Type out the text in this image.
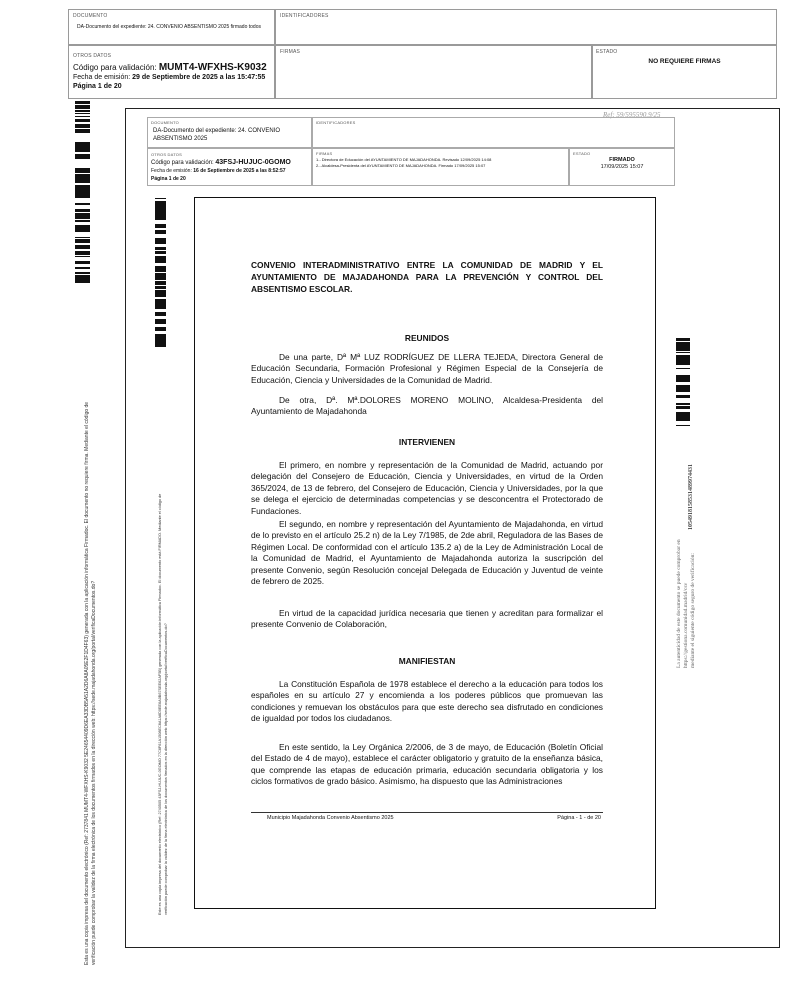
DOCUMENTO
DA-Documento del expediente: 24. CONVENIO ABSENTISMO 2025 firmado todos
IDENTIFICADORES
OTROS DATOS
Código para validación: MUMT4-WFXHS-K9032
Fecha de emisión: 29 de Septiembre de 2025 a las 15:47:55
Página 1 de 20
FIRMAS	ESTADO
NO REQUIERE FIRMAS
Esta es una copia impresa del documento electrónico (Ref: 2737841 MUMT4-WFXHS-K9032 5E24654409D6EA33DB5A51A2D6A8A05E2F1D4F63) generada con la aplicación informática Firmadoc. El documento no requiere firma. Mediante el código de verificación puede comprobar la validez de la firma electrónica de los documentos firmados en la dirección web: https://sede.majadahonda.org/portal/verificaDocumentos.do?
Ref: 59/595590.9/25
DOCUMENTO
DA-Documento del expediente: 24. CONVENIO ABSENTISMO 2025
IDENTIFICADORES
OTROS DATOS
Código para validación: 43FSJ-HUJUC-0GOMO
Fecha de emisión: 16 de Septiembre de 2025 a las 8:52:57
Página 1 de 20
FIRMAS
1.- Directora de Educación del AYUNTAMIENTO DE MAJADAHONDA. Revisado 12/09/2025 14:08
2.- Alcaldesa-Presidenta del AYUNTAMIENTO DE MAJADAHONDA. Firmado 17/09/2025 15:07
ESTADO
FIRMADO
17/09/2025 15:07
Este es una copia impresa del documento electrónico (Ref: 2740505 43FSJ-HUJUC-0GOMO 77C6F61A1508EC8A1A8D0EE6A0B67SEE62AF5B) generada con la aplicación informática Firmadoc. El documento está FIRMADO. Mediante el código de verificación puede comprobar la validez de la firma electrónica de los documentos firmados en la dirección web: https://sede.majadahonda.org/portal/verificaDocumentos.do?
La autenticidad de este documento se puede comprobar en https://gestiona.comunidad.madrid/csv mediante el siguiente código seguro de verificación:
1054918158531489974431

CONVENIO INTERADMINISTRATIVO ENTRE LA COMUNIDAD DE MADRID Y EL AYUNTAMIENTO DE MAJADAHONDA PARA LA PREVENCIÓN Y CONTROL DEL ABSENTISMO ESCOLAR.

REUNIDOS

De una parte, Dª Mª LUZ RODRÍGUEZ DE LLERA TEJEDA, Directora General de Educación Secundaria, Formación Profesional y Régimen Especial de la Consejería de Educación, Ciencia y Universidades de la Comunidad de Madrid.

De otra, Dª. Mª.DOLORES MORENO MOLINO, Alcaldesa-Presidenta del Ayuntamiento de Majadahonda

INTERVIENEN

El primero, en nombre y representación de la Comunidad de Madrid, actuando por delegación del Consejero de Educación, Ciencia y Universidades, en virtud de la Orden 365/2024, de 13 de febrero, del Consejero de Educación, Ciencia y Universidades, por la que se delega el ejercicio de determinadas competencias y se desconcentra el Protectorado de Fundaciones.

El segundo, en nombre y representación del Ayuntamiento de Majadahonda, en virtud de lo previsto en el artículo 25.2 n) de la Ley 7/1985, de 2de abril, Reguladora de las Bases de Régimen Local. De conformidad con el artículo 135.2 a) de la Ley de Administración Local de la Comunidad de Madrid, el Ayuntamiento de Majadahonda autoriza la suscripción del presente Convenio, según Resolución concejal Delegada de Educación y Juventud de veinte de febrero de 2025.

En virtud de la capacidad jurídica necesaria que tienen y acreditan para formalizar el presente Convenio de Colaboración,

MANIFIESTAN

La Constitución Española de 1978 establece el derecho a la educación para todos los españoles en su artículo 27 y encomienda a los poderes públicos que promuevan las condiciones y remuevan los obstáculos para que este derecho sea disfrutado en condiciones de igualdad por todos los ciudadanos.

En este sentido, la Ley Orgánica 2/2006, de 3 de mayo, de Educación (Boletín Oficial del Estado de 4 de mayo), establece el carácter obligatorio y gratuito de la enseñanza básica, que comprende las etapas de educación primaria, educación secundaria obligatoria y los ciclos formativos de grado básico. Asimismo, ha dispuesto que las Administraciones

Municipio Majadahonda Convenio Absentismo 2025	Página - 1 - de 20
